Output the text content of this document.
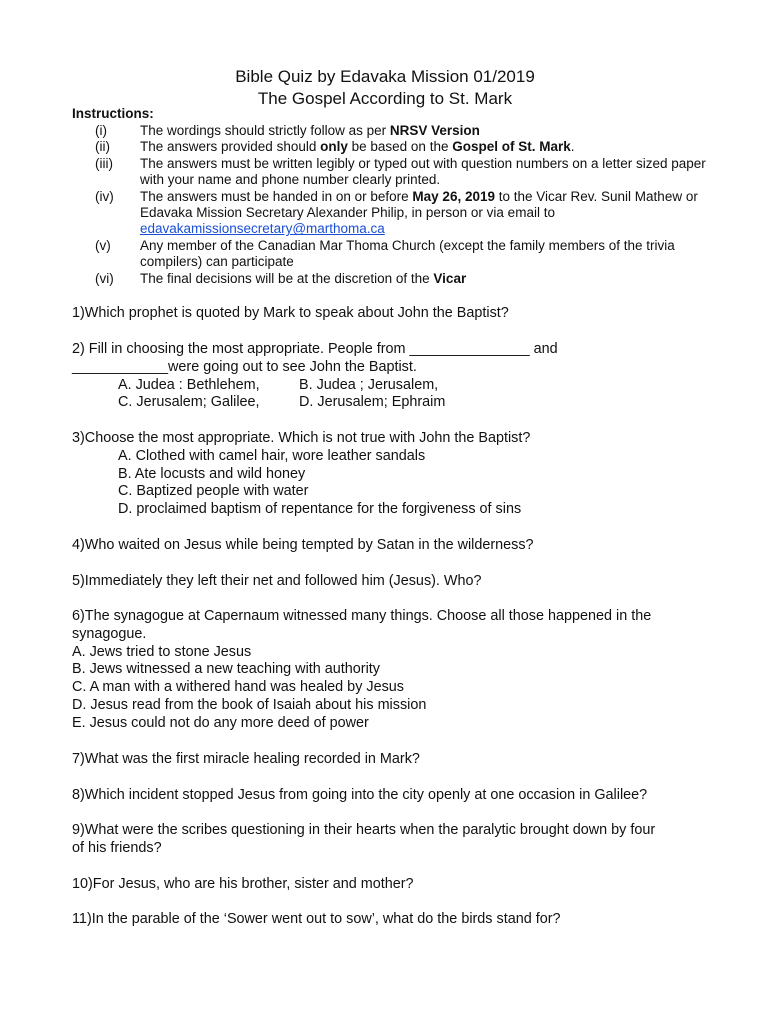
Bible Quiz by Edavaka Mission 01/2019
The Gospel According to St. Mark
Instructions:
(i)	The wordings should strictly follow as per NRSV Version
(ii)	The answers provided should only be based on the Gospel of St. Mark.
(iii)	The answers must be written legibly or typed out with question numbers on a letter sized paper with your name and phone number clearly printed.
(iv)	The answers must be handed in on or before May 26, 2019 to the Vicar Rev. Sunil Mathew or Edavaka Mission Secretary Alexander Philip, in person or via email to edavakamissionsecretary@marthoma.ca
(v)	Any member of the Canadian Mar Thoma Church (except the family members of the trivia compilers) can participate
(vi)	The final decisions will be at the discretion of the Vicar
1)Which prophet is quoted by Mark to speak about John the Baptist?
2) Fill in choosing the most appropriate. People from _______________ and
____________were going out to see John the Baptist.
A. Judea : Bethlehem,	B. Judea ; Jerusalem,
C. Jerusalem; Galilee,	D. Jerusalem; Ephraim
3)Choose the most appropriate. Which is not true with John the Baptist?
A. Clothed with camel hair, wore leather sandals
B. Ate locusts and wild honey
C. Baptized people with water
D. proclaimed baptism of repentance for the forgiveness of sins
4)Who waited on Jesus while being tempted by Satan in the wilderness?
5)Immediately they left their net and followed him (Jesus). Who?
6)The synagogue at Capernaum witnessed many things. Choose all those happened in the
synagogue.
A. Jews tried to stone Jesus
B. Jews witnessed a new teaching with authority
C. A man with a withered hand was healed by Jesus
D. Jesus read from the book of Isaiah about his mission
E. Jesus could not do any more deed of power
7)What was the first miracle healing recorded in Mark?
8)Which incident stopped Jesus from going into the city openly at one occasion in Galilee?
9)What were the scribes questioning in their hearts when the paralytic brought down by four
of his friends?
10)For Jesus, who are his brother, sister and mother?
11)In the parable of the ‘Sower went out to sow’, what do the birds stand for?
